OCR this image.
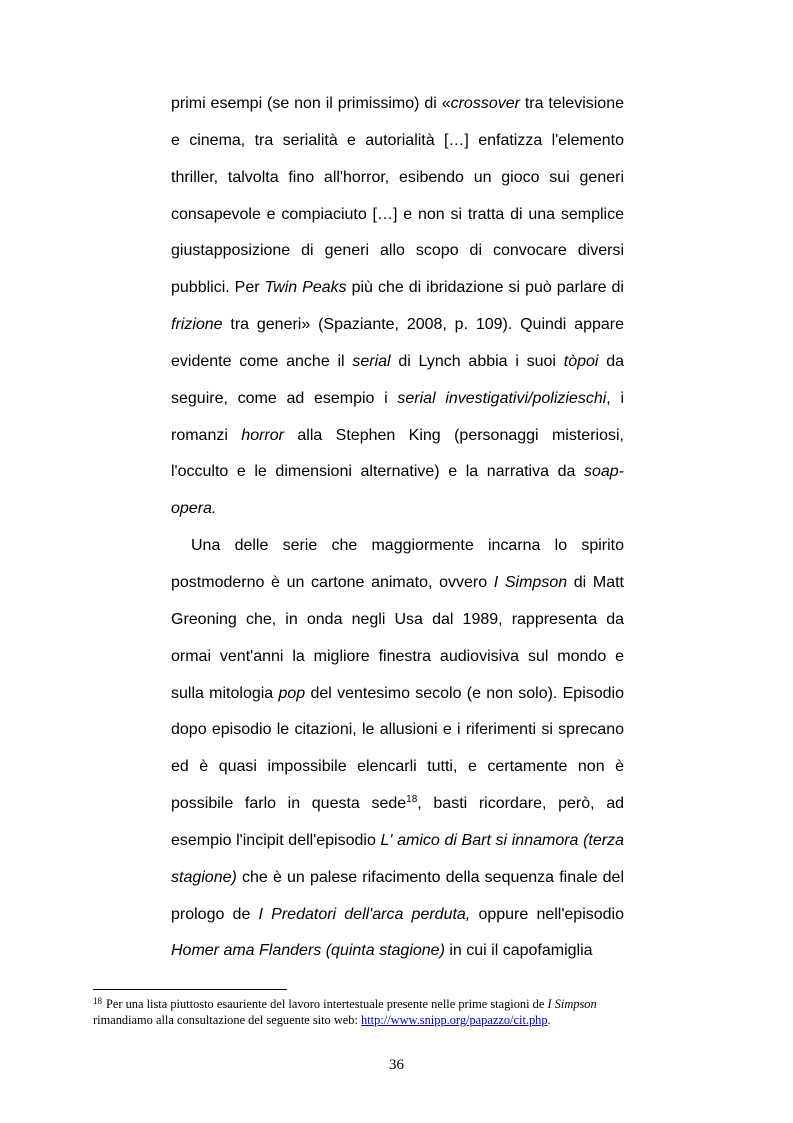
primi esempi (se non il primissimo) di «crossover tra televisione e cinema, tra serialità e autorialità […] enfatizza l'elemento thriller, talvolta fino all'horror, esibendo un gioco sui generi consapevole e compiaciuto […] e non si tratta di una semplice giustapposizione di generi allo scopo di convocare diversi pubblici. Per Twin Peaks più che di ibridazione si può parlare di frizione tra generi» (Spaziante, 2008, p. 109). Quindi appare evidente come anche il serial di Lynch abbia i suoi tòpoi da seguire, come ad esempio i serial investigativi/polizieschi, i romanzi horror alla Stephen King (personaggi misteriosi, l'occulto e le dimensioni alternative) e la narrativa da soap-opera.

Una delle serie che maggiormente incarna lo spirito postmoderno è un cartone animato, ovvero I Simpson di Matt Greoning che, in onda negli Usa dal 1989, rappresenta da ormai vent'anni la migliore finestra audiovisiva sul mondo e sulla mitologia pop del ventesimo secolo (e non solo). Episodio dopo episodio le citazioni, le allusioni e i riferimenti si sprecano ed è quasi impossibile elencarli tutti, e certamente non è possibile farlo in questa sede$^{18}$, basti ricordare, però, ad esempio l'incipit dell'episodio L' amico di Bart si innamora (terza stagione) che è un palese rifacimento della sequenza finale del prologo de I Predatori dell'arca perduta, oppure nell'episodio Homer ama Flanders (quinta stagione) in cui il capofamiglia

$^{18}$ Per una lista piuttosto esauriente del lavoro intertestuale presente nelle prime stagioni de I Simpson rimandiamo alla consultazione del seguente sito web: http://www.snipp.org/papazzo/cit.php.
36
